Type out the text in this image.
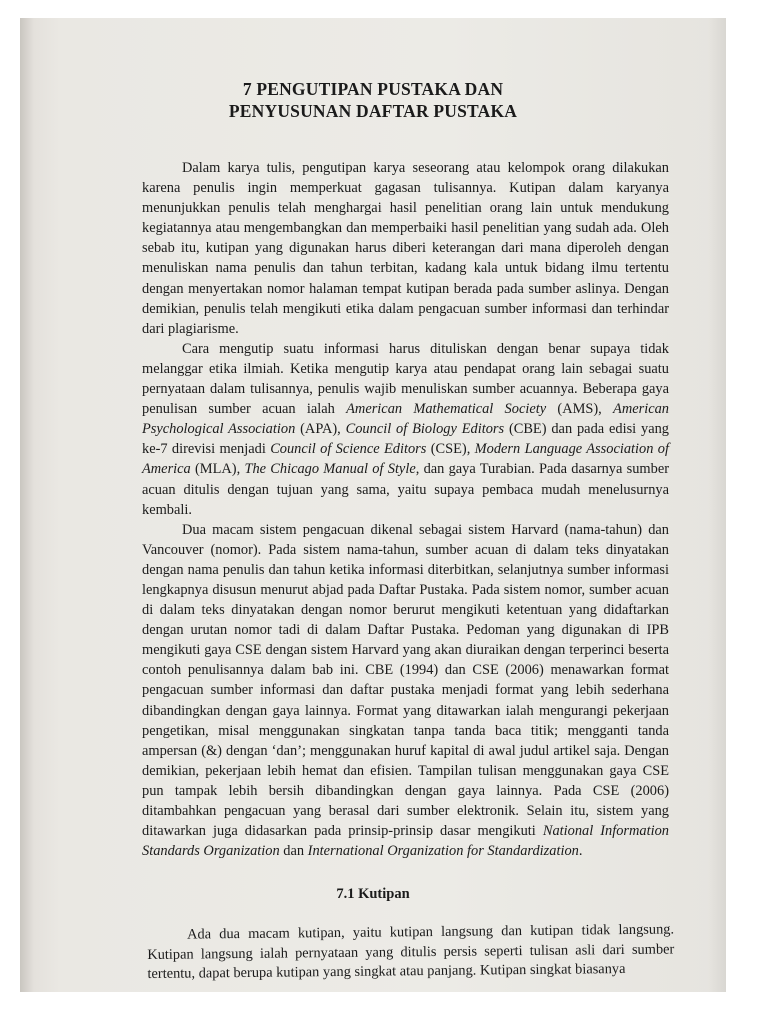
7 PENGUTIPAN PUSTAKA DAN
PENYUSUNAN DAFTAR PUSTAKA

Dalam karya tulis, pengutipan karya seseorang atau kelompok orang dilakukan karena penulis ingin memperkuat gagasan tulisannya. Kutipan dalam karyanya menunjukkan penulis telah menghargai hasil penelitian orang lain untuk mendukung kegiatannya atau mengembangkan dan memperbaiki hasil penelitian yang sudah ada. Oleh sebab itu, kutipan yang digunakan harus diberi keterangan dari mana diperoleh dengan menuliskan nama penulis dan tahun terbitan, kadang kala untuk bidang ilmu tertentu dengan menyertakan nomor halaman tempat kutipan berada pada sumber aslinya. Dengan demikian, penulis telah mengikuti etika dalam pengacuan sumber informasi dan terhindar dari plagiarisme.

Cara mengutip suatu informasi harus dituliskan dengan benar supaya tidak melanggar etika ilmiah. Ketika mengutip karya atau pendapat orang lain sebagai suatu pernyataan dalam tulisannya, penulis wajib menuliskan sumber acuannya. Beberapa gaya penulisan sumber acuan ialah American Mathematical Society (AMS), American Psychological Association (APA), Council of Biology Editors (CBE) dan pada edisi yang ke-7 direvisi menjadi Council of Science Editors (CSE), Modern Language Association of America (MLA), The Chicago Manual of Style, dan gaya Turabian. Pada dasarnya sumber acuan ditulis dengan tujuan yang sama, yaitu supaya pembaca mudah menelusurnya kembali.

Dua macam sistem pengacuan dikenal sebagai sistem Harvard (nama-tahun) dan Vancouver (nomor). Pada sistem nama-tahun, sumber acuan di dalam teks dinyatakan dengan nama penulis dan tahun ketika informasi diterbitkan, selanjutnya sumber informasi lengkapnya disusun menurut abjad pada Daftar Pustaka. Pada sistem nomor, sumber acuan di dalam teks dinyatakan dengan nomor berurut mengikuti ketentuan yang didaftarkan dengan urutan nomor tadi di dalam Daftar Pustaka. Pedoman yang digunakan di IPB mengikuti gaya CSE dengan sistem Harvard yang akan diuraikan dengan terperinci beserta contoh penulisannya dalam bab ini. CBE (1994) dan CSE (2006) menawarkan format pengacuan sumber informasi dan daftar pustaka menjadi format yang lebih sederhana dibandingkan dengan gaya lainnya. Format yang ditawarkan ialah mengurangi pekerjaan pengetikan, misal menggunakan singkatan tanpa tanda baca titik; mengganti tanda ampersan (&) dengan ‘dan’; menggunakan huruf kapital di awal judul artikel saja. Dengan demikian, pekerjaan lebih hemat dan efisien. Tampilan tulisan menggunakan gaya CSE pun tampak lebih bersih dibandingkan dengan gaya lainnya. Pada CSE (2006) ditambahkan pengacuan yang berasal dari sumber elektronik. Selain itu, sistem yang ditawarkan juga didasarkan pada prinsip-prinsip dasar mengikuti National Information Standards Organization dan International Organization for Standardization.

7.1 Kutipan

Ada dua macam kutipan, yaitu kutipan langsung dan kutipan tidak langsung. Kutipan langsung ialah pernyataan yang ditulis persis seperti tulisan asli dari sumber tertentu, dapat berupa kutipan yang singkat atau panjang. Kutipan singkat biasanya
